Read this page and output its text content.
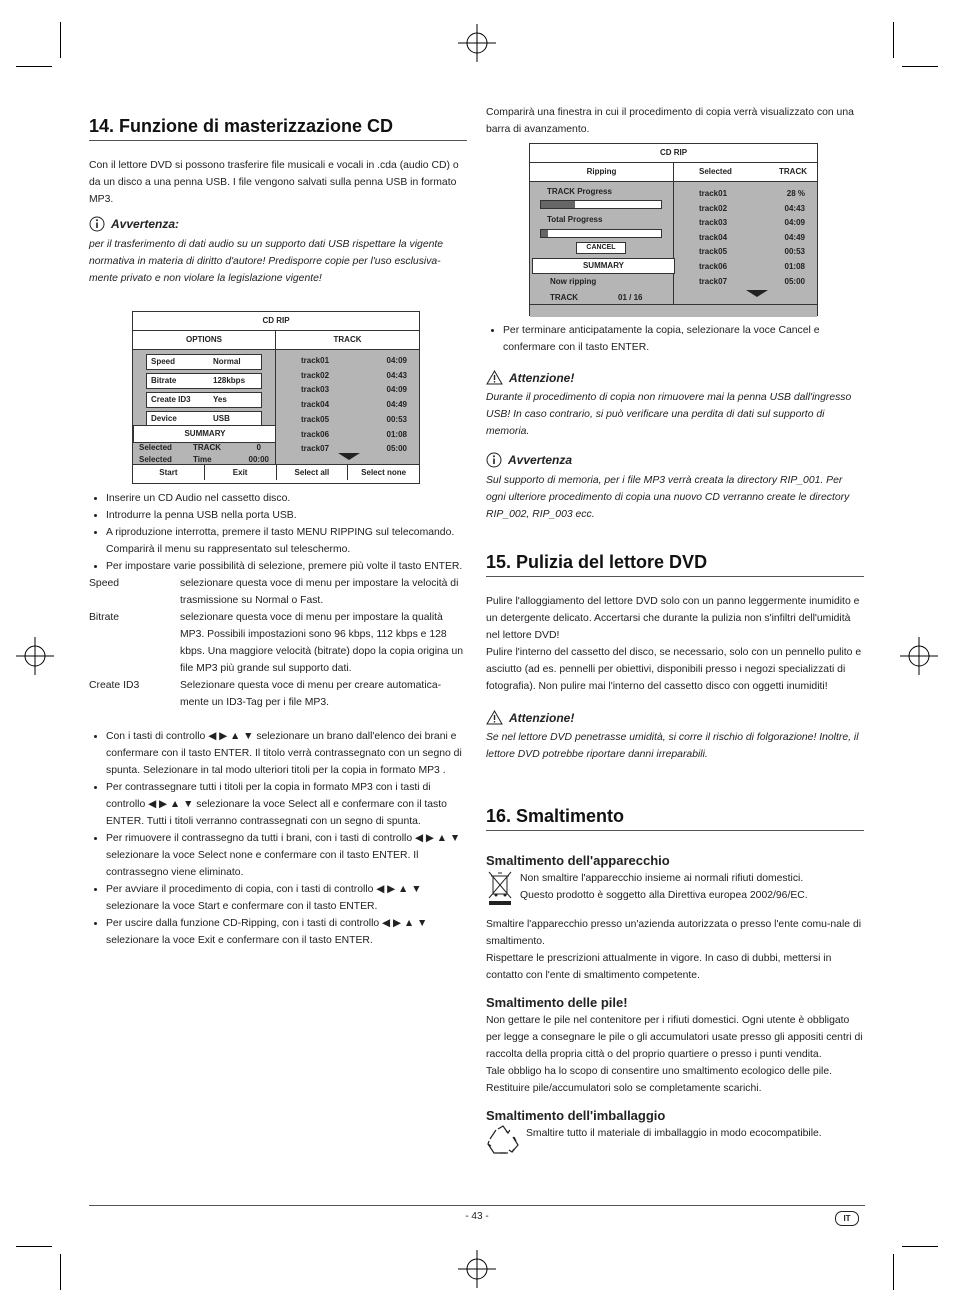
14. Funzione di masterizzazione CD

Con il lettore DVD si possono trasferire file musicali e vocali in .cda (audio CD) o da un disco a una penna USB. I file vengono salvati sulla penna USB in formato MP3.

Avvertenza:

per il trasferimento di dati audio su un supporto dati USB rispettare la vigente normativa in materia di diritto d'autore! Predisporre copie per l'uso esclusiva-mente privato e non violare la legislazione vigente!

CD RIP
OPTIONS	TRACK
Speed	Normal
Bitrate	128kbps
Create ID3	Yes
Device	USB
SUMMARY
Selected	TRACK	0
Selected	Time	00:00
track01	04:09
track02	04:43
track03	04:09
track04	04:49
track05	00:53
track06	01:08
track07	05:00
Start	Exit	Select all	Select none
• Inserire un CD Audio nel cassetto disco.
• Introdurre la penna USB nella porta USB.
• A riproduzione interrotta, premere il tasto MENU RIPPING sul telecomando. Comparirà il menu su rappresentato sul teleschermo.
• Per impostare varie possibilità di selezione, premere più volte il tasto ENTER.
Speed	selezionare questa voce di menu per impostare la velocità di trasmissione su Normal o Fast.
Bitrate	selezionare questa voce di menu per impostare la qualità MP3. Possibili impostazioni sono 96 kbps, 112 kbps e 128 kbps. Una maggiore velocità (bitrate) dopo la copia origina un file MP3 più grande sul supporto dati.
Create ID3	Selezionare questa voce di menu per creare automatica-mente un ID3-Tag per i file MP3.
• Con i tasti di controllo ◀ ▶ ▲ ▼ selezionare un brano dall'elenco dei brani e confermare con il tasto ENTER. Il titolo verrà contrassegnato con un segno di spunta. Selezionare in tal modo ulteriori titoli per la copia in formato MP3 .
• Per contrassegnare tutti i titoli per la copia in formato MP3 con i tasti di controllo ◀ ▶ ▲ ▼ selezionare la voce Select all e confermare con il tasto ENTER. Tutti i titoli verranno contrassegnati con un segno di spunta.
• Per rimuovere il contrassegno da tutti i brani, con i tasti di controllo ◀ ▶ ▲ ▼ selezionare la voce Select none e confermare con il tasto ENTER. Il contrassegno viene eliminato.
• Per avviare il procedimento di copia, con i tasti di controllo ◀ ▶ ▲ ▼ selezionare la voce Start e confermare con il tasto ENTER.
• Per uscire dalla funzione CD-Ripping, con i tasti di controllo ◀ ▶ ▲ ▼ selezionare la voce Exit e confermare con il tasto ENTER.

Comparirà una finestra in cui il procedimento di copia verrà visualizzato con una barra di avanzamento.

CD RIP
Ripping	Selected	TRACK
TRACK Progress
Total Progress
CANCEL
SUMMARY
Now ripping
TRACK	01 / 16
track01	28 %
track02	04:43
track03	04:09
track04	04:49
track05	00:53
track06	01:08
track07	05:00
• Per terminare anticipatamente la copia, selezionare la voce Cancel e confermare con il tasto ENTER.
Attenzione!

Durante il procedimento di copia non rimuovere mai la penna USB dall'ingresso USB! In caso contrario, si può verificare una perdita di dati sul supporto di memoria.

Avvertenza

Sul supporto di memoria, per i file MP3 verrà creata la directory RIP_001. Per ogni ulteriore procedimento di copia una nuovo CD verranno create le directory RIP_002, RIP_003 ecc.

15. Pulizia del lettore DVD

Pulire l'alloggiamento del lettore DVD solo con un panno leggermente inumidito e un detergente delicato. Accertarsi che durante la pulizia non s'infiltri dell'umidità nel lettore DVD!

Pulire l'interno del cassetto del disco, se necessario, solo con un pennello pulito e asciutto (ad es. pennelli per obiettivi, disponibili presso i negozi specializzati di fotografia). Non pulire mai l'interno del cassetto disco con oggetti inumiditi!

Attenzione!

Se nel lettore DVD penetrasse umidità, si corre il rischio di folgorazione! Inoltre, il lettore DVD potrebbe riportare danni irreparabili.

16. Smaltimento
Smaltimento dell'apparecchio

Non smaltire l'apparecchio insieme ai normali rifiuti domestici.

Questo prodotto è soggetto alla Direttiva europea 2002/96/EC.

Smaltire l'apparecchio presso un'azienda autorizzata o presso l'ente comu-nale di smaltimento.

Rispettare le prescrizioni attualmente in vigore. In caso di dubbi, mettersi in contatto con l'ente di smaltimento competente.

Smaltimento delle pile!

Non gettare le pile nel contenitore per i rifiuti domestici. Ogni utente è obbligato per legge a consegnare le pile o gli accumulatori usate presso gli appositi centri di raccolta della propria città o del proprio quartiere o presso i punti vendita.

Tale obbligo ha lo scopo di consentire uno smaltimento ecologico delle pile. Restituire pile/accumulatori solo se completamente scarichi.

Smaltimento dell'imballaggio

Smaltire tutto il materiale di imballaggio in modo ecocompatibile.

- 43 -	IT
